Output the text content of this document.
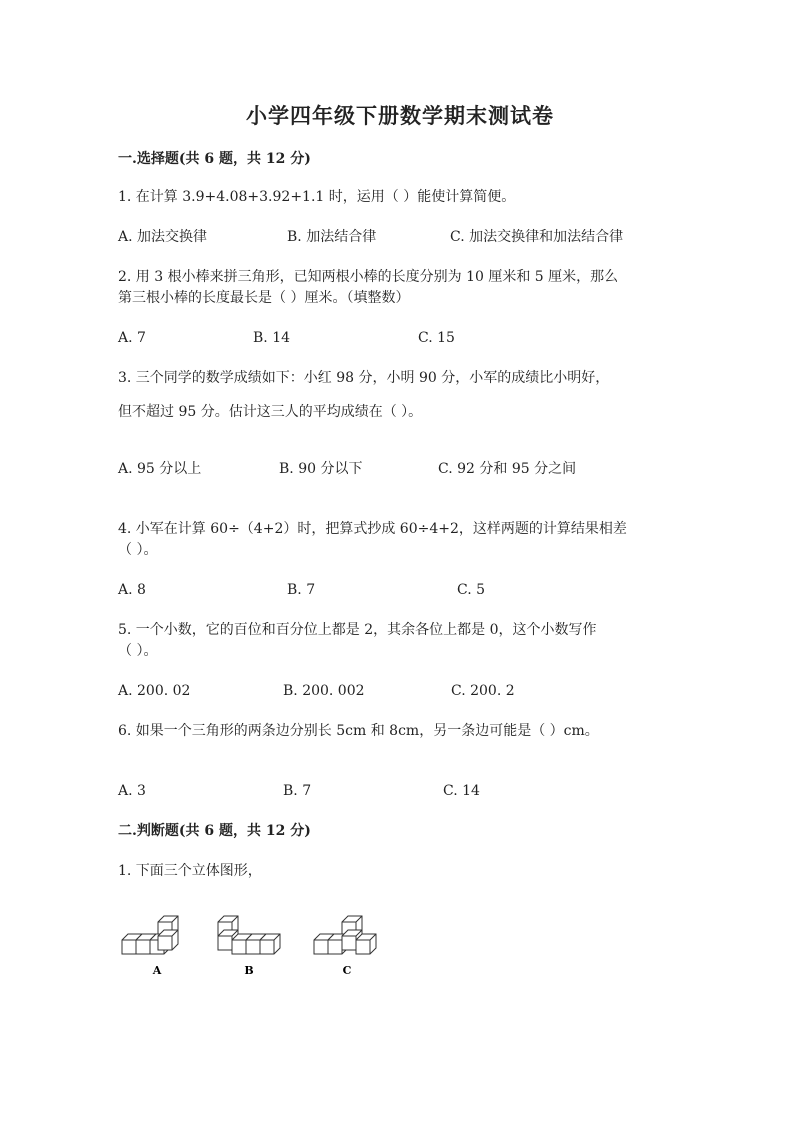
小学四年级下册数学期末测试卷
一.选择题(共 6 题，共 12 分)
1. 在计算 3.9+4.08+3.92+1.1 时，运用（ ）能使计算简便。
A. 加法交换律	B. 加法结合律	C. 加法交换律和加法结合律
2. 用 3 根小棒来拼三角形，已知两根小棒的长度分别为 10 厘米和 5 厘米，那么
第三根小棒的长度最长是（ ）厘米。（填整数）
A. 7	B. 14	C. 15
3. 三个同学的数学成绩如下：小红 98 分，小明 90 分，小军的成绩比小明好，
但不超过 95 分。估计这三人的平均成绩在（ ）。
A. 95 分以上	B. 90 分以下	C. 92 分和 95 分之间
4. 小军在计算 60÷（4+2）时，把算式抄成 60÷4+2，这样两题的计算结果相差
（ ）。
A. 8	B. 7	C. 5
5. 一个小数，它的百位和百分位上都是 2，其余各位上都是 0，这个小数写作
（ ）。
A. 200. 02	B. 200. 002	C. 200. 2
6. 如果一个三角形的两条边分别长 5cm 和 8cm，另一条边可能是（ ）cm。
A. 3	B. 7	C. 14
二.判断题(共 6 题，共 12 分)
1. 下面三个立体图形，
A	B	C
